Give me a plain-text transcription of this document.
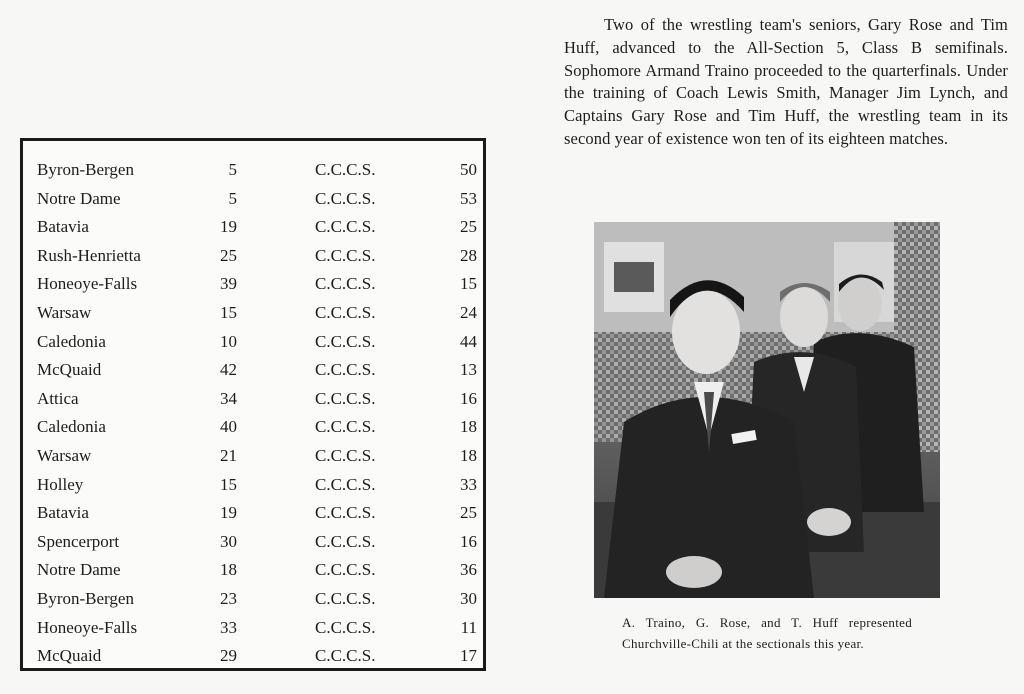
Two of the wrestling team's seniors, Gary Rose and Tim Huff, advanced to the All-Section 5, Class B semifinals. Sophomore Armand Traino proceeded to the quarterfinals. Under the training of Coach Lewis Smith, Manager Jim Lynch, and Captains Gary Rose and Tim Huff, the wrestling team in its second year of existence won ten of its eighteen matches.
Byron-Bergen	5	C.C.C.S.	50
Notre Dame	5	C.C.C.S.	53
Batavia	19	C.C.C.S.	25
Rush-Henrietta	25	C.C.C.S.	28
Honeoye-Falls	39	C.C.C.S.	15
Warsaw	15	C.C.C.S.	24
Caledonia	10	C.C.C.S.	44
McQuaid	42	C.C.C.S.	13
Attica	34	C.C.C.S.	16
Caledonia	40	C.C.C.S.	18
Warsaw	21	C.C.C.S.	18
Holley	15	C.C.C.S.	33
Batavia	19	C.C.C.S.	25
Spencerport	30	C.C.C.S.	16
Notre Dame	18	C.C.C.S.	36
Byron-Bergen	23	C.C.C.S.	30
Honeoye-Falls	33	C.C.C.S.	11
McQuaid	29	C.C.C.S.	17
A. Traino, G. Rose, and T. Huff represented Churchville-Chili at the sectionals this year.
